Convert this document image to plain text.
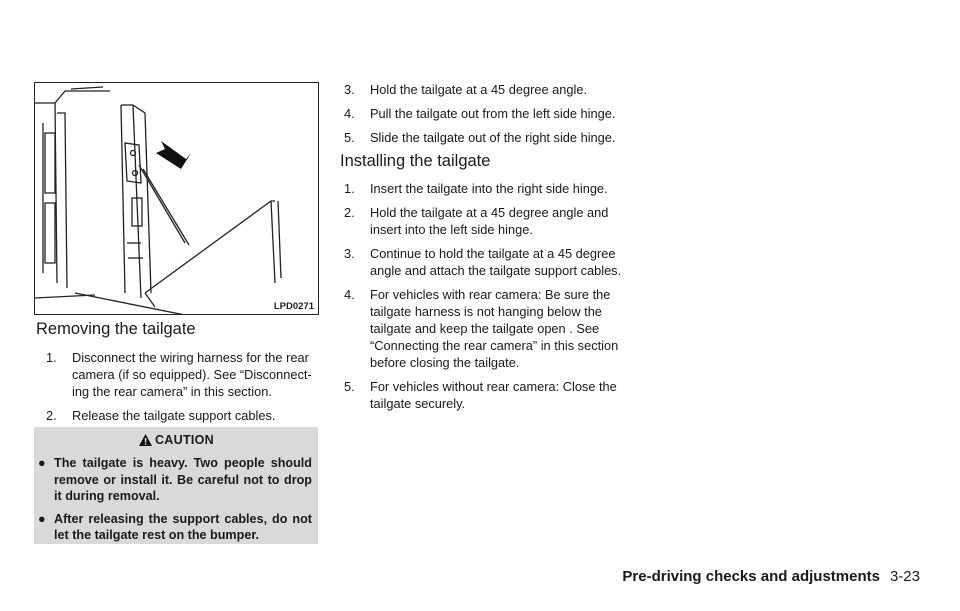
LPD0271
Removing the tailgate
1. Disconnect the wiring harness for the rear camera (if so equipped). See “Disconnect-ing the rear camera” in this section.
2. Release the tailgate support cables.
CAUTION
● The tailgate is heavy. Two people should remove or install it. Be careful not to drop it during removal.
● After releasing the support cables, do not let the tailgate rest on the bumper.
3. Hold the tailgate at a 45 degree angle.
4. Pull the tailgate out from the left side hinge.
5. Slide the tailgate out of the right side hinge.
Installing the tailgate
1. Insert the tailgate into the right side hinge.
2. Hold the tailgate at a 45 degree angle and insert into the left side hinge.
3. Continue to hold the tailgate at a 45 degree angle and attach the tailgate support cables.
4. For vehicles with rear camera: Be sure the tailgate harness is not hanging below the tailgate and keep the tailgate open . See “Connecting the rear camera” in this section before closing the tailgate.
5. For vehicles without rear camera: Close the tailgate securely.
Pre-driving checks and adjustments 3-23
